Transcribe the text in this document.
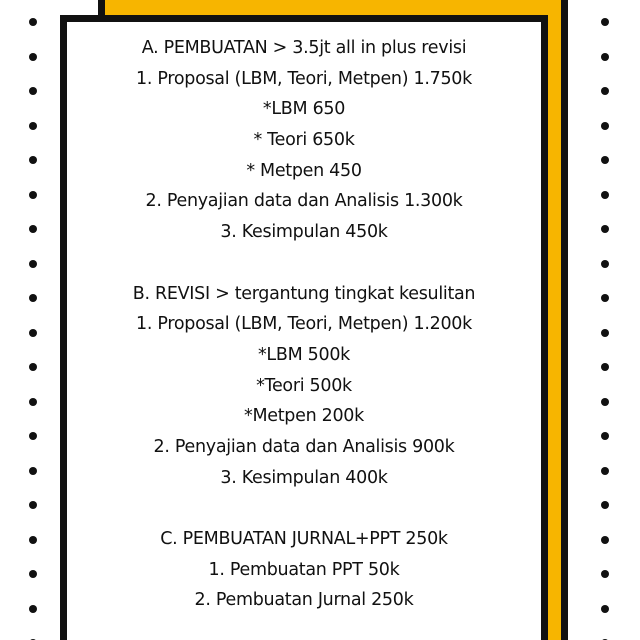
A. PEMBUATAN > 3.5jt all in plus revisi
1. Proposal (LBM, Teori, Metpen) 1.750k
*LBM 650
* Teori 650k
* Metpen 450
2. Penyajian data dan Analisis 1.300k
3. Kesimpulan 450k
B. REVISI > tergantung tingkat kesulitan
1. Proposal (LBM, Teori, Metpen) 1.200k
*LBM 500k
*Teori 500k
*Metpen 200k
2. Penyajian data dan Analisis 900k
3. Kesimpulan 400k
C. PEMBUATAN JURNAL+PPT 250k
1. Pembuatan PPT 50k
2. Pembuatan Jurnal 250k
